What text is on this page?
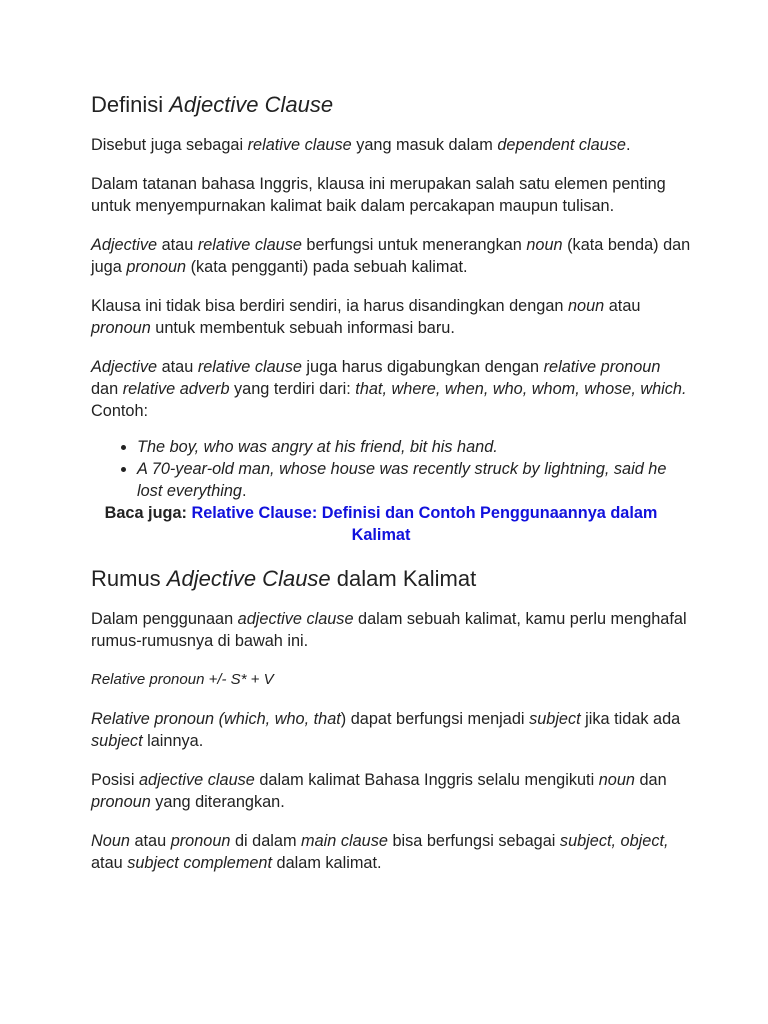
Definisi Adjective Clause

Disebut juga sebagai relative clause yang masuk dalam dependent clause.

Dalam tatanan bahasa Inggris, klausa ini merupakan salah satu elemen penting untuk menyempurnakan kalimat baik dalam percakapan maupun tulisan.

Adjective atau relative clause berfungsi untuk menerangkan noun (kata benda) dan juga pronoun (kata pengganti) pada sebuah kalimat.

Klausa ini tidak bisa berdiri sendiri, ia harus disandingkan dengan noun atau pronoun untuk membentuk sebuah informasi baru.

Adjective atau relative clause juga harus digabungkan dengan relative pronoun dan relative adverb yang terdiri dari: that, where, when, who, whom, whose, which. Contoh:

• The boy, who was angry at his friend, bit his hand.
• A 70-year-old man, whose house was recently struck by lightning, said he lost everything.

Baca juga: Relative Clause: Definisi dan Contoh Penggunaannya dalam Kalimat

Rumus Adjective Clause dalam Kalimat

Dalam penggunaan adjective clause dalam sebuah kalimat, kamu perlu menghafal rumus-rumusnya di bawah ini.

Relative pronoun +/- S* + V

Relative pronoun (which, who, that) dapat berfungsi menjadi subject jika tidak ada subject lainnya.

Posisi adjective clause dalam kalimat Bahasa Inggris selalu mengikuti noun dan pronoun yang diterangkan.

Noun atau pronoun di dalam main clause bisa berfungsi sebagai subject, object, atau subject complement dalam kalimat.
